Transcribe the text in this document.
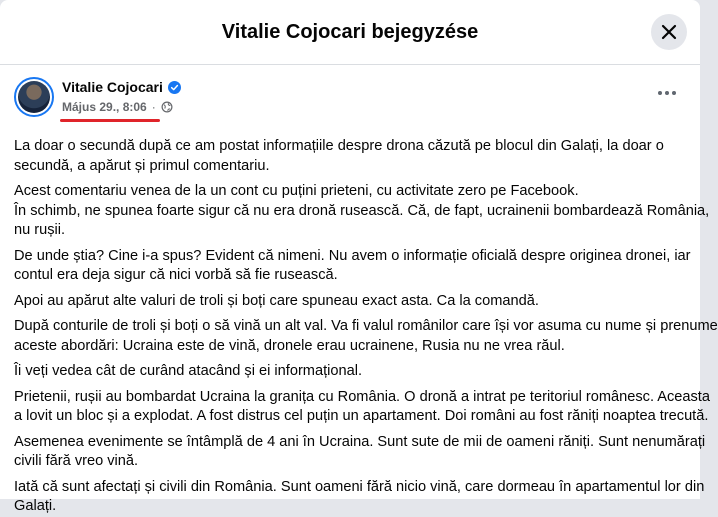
Vitalie Cojocari bejegyzése
Vitalie Cojocari
Május 29., 8:06 ·
La doar o secundă după ce am postat informațiile despre drona căzută pe blocul din Galați, la doar o
secundă, a apărut și primul comentariu.
Acest comentariu venea de la un cont cu puțini prieteni, cu activitate zero pe Facebook.
În schimb, ne spunea foarte sigur că nu era dronă rusească. Că, de fapt, ucrainenii bombardează România,
nu rușii.
De unde știa? Cine i-a spus? Evident că nimeni. Nu avem o informație oficială despre originea dronei, iar
contul era deja sigur că nici vorbă să fie rusească.
Apoi au apărut alte valuri de troli și boți care spuneau exact asta. Ca la comandă.
După conturile de troli și boți o să vină un alt val. Va fi valul românilor care își vor asuma cu nume și prenume
aceste abordări: Ucraina este de vină, dronele erau ucrainene, Rusia nu ne vrea răul.
Îi veți vedea cât de curând atacând și ei informațional.
Prietenii, rușii au bombardat Ucraina la granița cu România. O dronă a intrat pe teritoriul românesc. Aceasta
a lovit un bloc și a explodat. A fost distrus cel puțin un apartament. Doi români au fost răniți noaptea trecută.
Asemenea evenimente se întâmplă de 4 ani în Ucraina. Sunt sute de mii de oameni răniți. Sunt nenumărați
civili fără vreo vină.
Iată că sunt afectați și civili din România. Sunt oameni fără nicio vină, care dormeau în apartamentul lor din
Galați.
